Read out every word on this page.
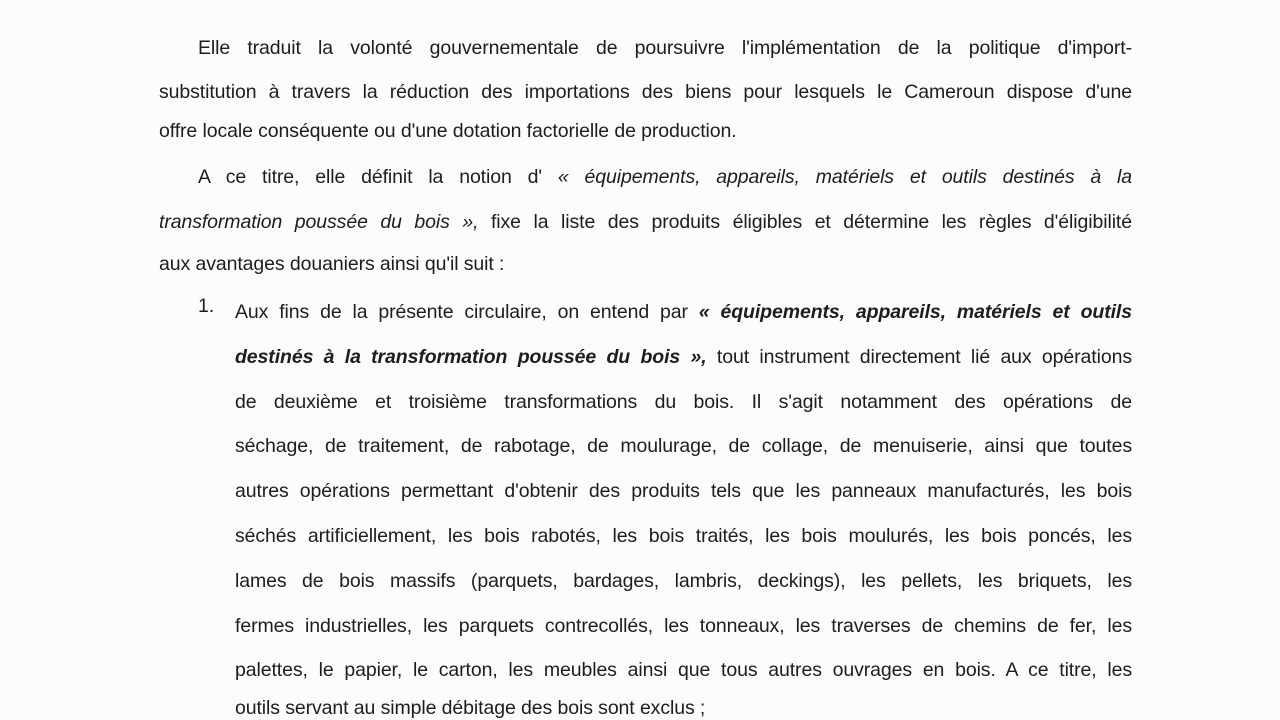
Elle traduit la volonté gouvernementale de poursuivre l'implémentation de la politique d'import-
substitution à travers la réduction des importations des biens pour lesquels le Cameroun dispose d'une
offre locale conséquente ou d'une dotation factorielle de production.
A ce titre, elle définit la notion d' « équipements, appareils, matériels et outils destinés à la
transformation poussée du bois », fixe la liste des produits éligibles et détermine les règles d'éligibilité
aux avantages douaniers ainsi qu'il suit :
1. Aux fins de la présente circulaire, on entend par « équipements, appareils, matériels et outils
destinés à la transformation poussée du bois », tout instrument directement lié aux opérations
de deuxième et troisième transformations du bois. Il s'agit notamment des opérations de
séchage, de traitement, de rabotage, de moulurage, de collage, de menuiserie, ainsi que toutes
autres opérations permettant d'obtenir des produits tels que les panneaux manufacturés, les bois
séchés artificiellement, les bois rabotés, les bois traités, les bois moulurés, les bois poncés, les
lames de bois massifs (parquets, bardages, lambris, deckings), les pellets, les briquets, les
fermes industrielles, les parquets contrecollés, les tonneaux, les traverses de chemins de fer, les
palettes, le papier, le carton, les meubles ainsi que tous autres ouvrages en bois. A ce titre, les
outils servant au simple débitage des bois sont exclus ;
